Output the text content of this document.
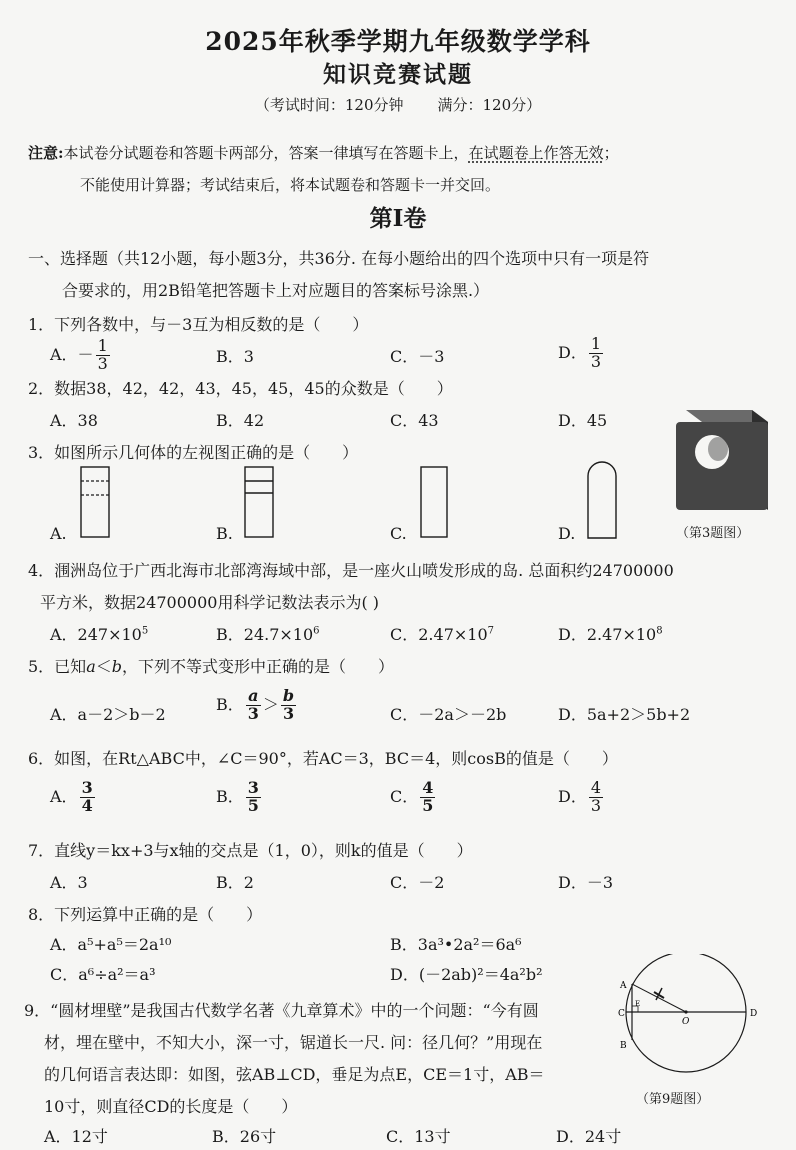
2025年秋季学期九年级数学学科
知识竞赛试题
（考试时间：120分钟 满分：120分）
注意:本试卷分试题卷和答题卡两部分，答案一律填写在答题卡上，在试题卷上作答无效；
不能使用计算器；考试结束后，将本试题卷和答题卡一并交回。
第Ⅰ卷
一、选择题（共12小题，每小题3分，共36分. 在每小题给出的四个选项中只有一项是符
合要求的，用2B铅笔把答题卡上对应题目的答案标号涂黑.）
1．下列各数中，与－3互为相反数的是（　　）
A．－ $\frac{1}{3}$	B．3	C．－3	D． $\frac{1}{3}$
2．数据38，42，42，43，45，45，45的众数是（　　）
A．38	B．42	C．43	D．45
3．如图所示几何体的左视图正确的是（　　）
A.	B.	C.	D.	（第3题图）
4．涠洲岛位于广西北海市北部湾海域中部，是一座火山喷发形成的岛. 总面积约24700000
平方米，数据24700000用科学记数法表示为( )
A．$247\times 10^5$	B．$24.7\times 10^6$	C．$2.47\times 10^7$	D．$2.47\times 10^8$
5．已知a＜b，下列不等式变形中正确的是（　　）
A．a－2＞b－2
B． $\frac{a}{3} > \frac{b}{3}$	C．－2a＞－2b	D．5a+2＞5b+2
6．如图，在Rt△ABC中，∠C＝90°，若AC＝3，BC＝4，则cosB的值是（　　）
A． $\frac{3}{4}$	B． $\frac{3}{5}$	C． $\frac{4}{5}$	D． $\frac{4}{3}$
7．直线y＝kx+3与x轴的交点是（1，0），则k的值是（　　）
A．3	B．2	C．－2	D．－3
8．下列运算中正确的是（　　）
A．a⁵+a⁵＝2a¹⁰	B．3a³•2a²＝6a⁶
C．a⁶÷a²＝a³	D．(－2ab)²＝4a²b²
9．“圆材埋壁”是我国古代数学名著《九章算术》中的一个问题：“今有圆
材，埋在壁中，不知大小，深一寸，锯道长一尺. 问：径几何？”用现在
的几何语言表达即：如图，弦AB⊥CD，垂足为点E，CE＝1寸，AB＝
10寸，则直径CD的长度是（　　）
A．12寸	B．26寸	C．13寸	D．24寸
A
C
B
E
O
D
（第9题图）
